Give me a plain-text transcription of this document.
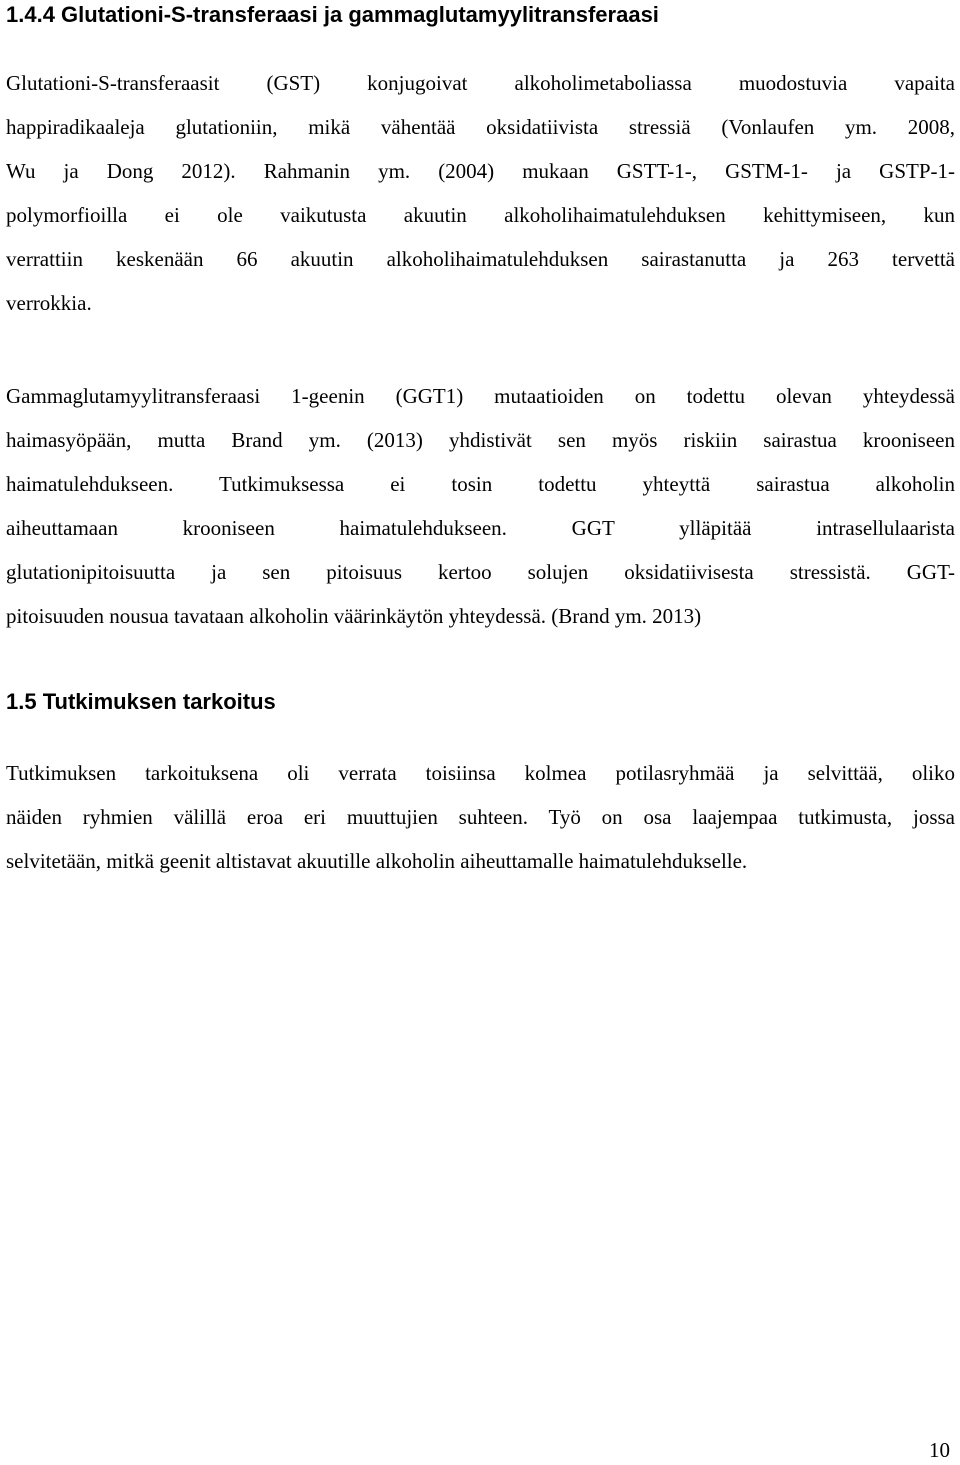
1.4.4 Glutationi-S-transferaasi ja gammaglutamyylitransferaasi
Glutationi-S-transferaasit (GST) konjugoivat alkoholimetaboliassa muodostuvia vapaita
happiradikaaleja glutationiin, mikä vähentää oksidatiivista stressiä (Vonlaufen ym. 2008,
Wu ja Dong 2012). Rahmanin ym. (2004) mukaan GSTT-1-, GSTM-1- ja GSTP-1-
polymorfioilla ei ole vaikutusta akuutin alkoholihaimatulehduksen kehittymiseen, kun
verrattiin keskenään 66 akuutin alkoholihaimatulehduksen sairastanutta ja 263 tervettä
verrokkia.
Gammaglutamyylitransferaasi 1-geenin (GGT1) mutaatioiden on todettu olevan yhteydessä
haimasyöpään, mutta Brand ym. (2013) yhdistivät sen myös riskiin sairastua krooniseen
haimatulehdukseen. Tutkimuksessa ei tosin todettu yhteyttä sairastua alkoholin
aiheuttamaan krooniseen haimatulehdukseen. GGT ylläpitää intrasellulaarista
glutationipitoisuutta ja sen pitoisuus kertoo solujen oksidatiivisesta stressistä. GGT-
pitoisuuden nousua tavataan alkoholin väärinkäytön yhteydessä. (Brand ym. 2013)
1.5 Tutkimuksen tarkoitus
Tutkimuksen tarkoituksena oli verrata toisiinsa kolmea potilasryhmää ja selvittää, oliko
näiden ryhmien välillä eroa eri muuttujien suhteen. Työ on osa laajempaa tutkimusta, jossa
selvitetään, mitkä geenit altistavat akuutille alkoholin aiheuttamalle haimatulehdukselle.
10
